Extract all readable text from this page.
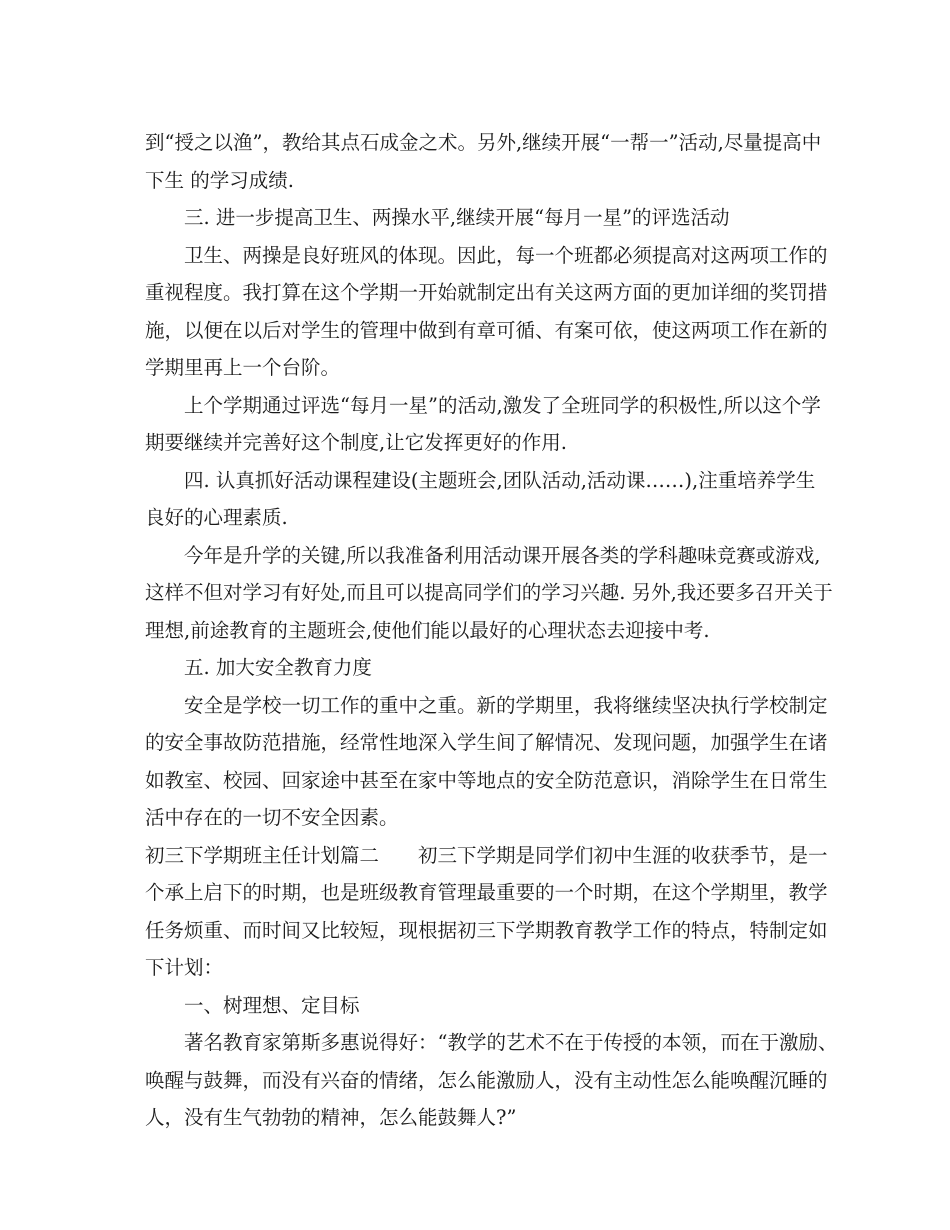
到“授之以渔”，教给其点石成金之术。另外,继续开展“一帮一”活动,尽量提高中
下生 的学习成绩.
三. 进一步提高卫生、两操水平,继续开展“每月一星”的评选活动
卫生、两操是良好班风的体现。因此，每一个班都必须提高对这两项工作的
重视程度。我打算在这个学期一开始就制定出有关这两方面的更加详细的奖罚措
施，以便在以后对学生的管理中做到有章可循、有案可依，使这两项工作在新的
学期里再上一个台阶。
上个学期通过评选“每月一星”的活动,激发了全班同学的积极性,所以这个学
期要继续并完善好这个制度,让它发挥更好的作用.
四. 认真抓好活动课程建设(主题班会,团队活动,活动课……),注重培养学生
良好的心理素质.
今年是升学的关键,所以我准备利用活动课开展各类的学科趣味竞赛或游戏,
这样不但对学习有好处,而且可以提高同学们的学习兴趣. 另外,我还要多召开关于
理想,前途教育的主题班会,使他们能以最好的心理状态去迎接中考.
五. 加大安全教育力度
安全是学校一切工作的重中之重。新的学期里，我将继续坚决执行学校制定
的安全事故防范措施，经常性地深入学生间了解情况、发现问题，加强学生在诸
如教室、校园、回家途中甚至在家中等地点的安全防范意识，消除学生在日常生
活中存在的一切不安全因素。
初三下学期班主任计划篇二　　初三下学期是同学们初中生涯的收获季节，是一
个承上启下的时期，也是班级教育管理最重要的一个时期，在这个学期里，教学
任务烦重、而时间又比较短，现根据初三下学期教育教学工作的特点，特制定如
下计划：
一、树理想、定目标
著名教育家第斯多惠说得好：“教学的艺术不在于传授的本领，而在于激励、
唤醒与鼓舞，而没有兴奋的情绪，怎么能激励人，没有主动性怎么能唤醒沉睡的
人，没有生气勃勃的精神，怎么能鼓舞人?”
